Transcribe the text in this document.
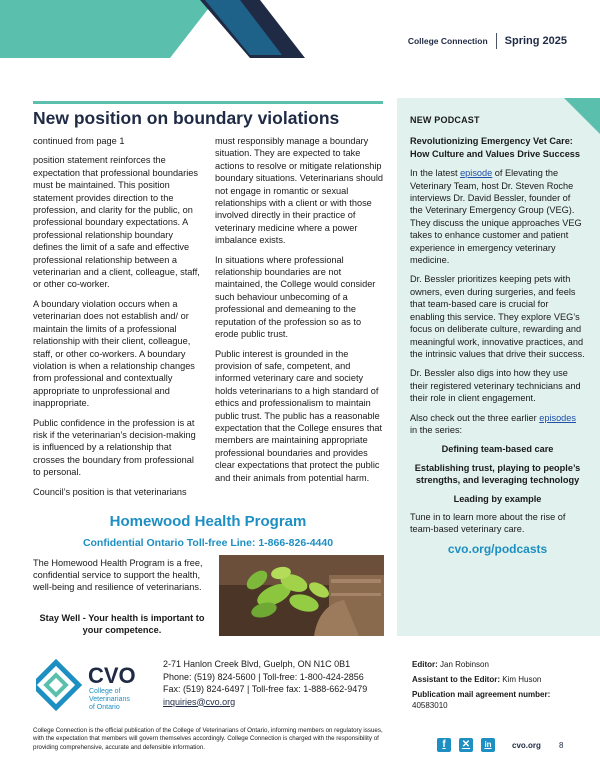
College Connection Spring 2025
New position on boundary violations

continued from page 1

position statement reinforces the expectation that professional boundaries must be maintained. This position statement provides direction to the profession, and clarity for the public, on professional boundary expectations. A professional relationship boundary defines the limit of a safe and effective professional relationship between a veterinarian and a client, colleague, staff, or other co-worker.

A boundary violation occurs when a veterinarian does not establish and/ or maintain the limits of a professional relationship with their client, colleague, staff, or other co-workers. A boundary violation is when a relationship changes from professional and contextually appropriate to unprofessional and inappropriate.

Public confidence in the profession is at risk if the veterinarian’s decision-making is influenced by a relationship that crosses the boundary from professional to personal.

Council’s position is that veterinarians

must responsibly manage a boundary situation. They are expected to take actions to resolve or mitigate relationship boundary situations. Veterinarians should not engage in romantic or sexual relationships with a client or with those involved directly in their practice of veterinary medicine where a power imbalance exists.

In situations where professional relationship boundaries are not maintained, the College would consider such behaviour unbecoming of a professional and demeaning to the reputation of the profession so as to erode public trust.

Public interest is grounded in the provision of safe, competent, and informed veterinary care and society holds veterinarians to a high standard of ethics and professionalism to maintain public trust. The public has a reasonable expectation that the College ensures that members are maintaining appropriate professional boundaries and provides clear expectations that protect the public and their animals from potential harm.

NEW PODCAST
Revolutionizing Emergency Vet Care: How Culture and Values Drive Success

In the latest episode of Elevating the Veterinary Team, host Dr. Steven Roche interviews Dr. David Bessler, founder of the Veterinary Emergency Group (VEG). They discuss the unique approaches VEG takes to enhance customer and patient experience in emergency veterinary medicine.

Dr. Bessler prioritizes keeping pets with owners, even during surgeries, and feels that team-based care is crucial for enabling this service. They explore VEG’s focus on deliberate culture, rewarding and meaningful work, innovative practices, and the intrinsic values that drive their success.

Dr. Bessler also digs into how they use their registered veterinary technicians and their role in client engagement.

Also check out the three earlier episodes in the series:

Defining team-based care
Establishing trust, playing to people’s strengths, and leveraging technology
Leading by example

Tune in to learn more about the rise of team-based veterinary care.

cvo.org/podcasts
Homewood Health Program
Confidential Ontario Toll-free Line: 1-866-826-4440
The Homewood Health Program is a free, confidential service to support the health, well-being and resilience of veterinarians.
Stay Well - Your health is important to your competence.
CVO
College of
Veterinarians
of Ontario
2-71 Hanlon Creek Blvd, Guelph, ON N1C 0B1
Phone: (519) 824-5600 | Toll-free: 1-800-424-2856
Fax: (519) 824-6497 | Toll-free fax: 1-888-662-9479
inquiries@cvo.org
Editor: Jan Robinson
Assistant to the Editor: Kim Huson
Publication mail agreement number:
40583010
College Connection is the official publication of the College of Veterinarians of Ontario, informing members on regulatory issues, with the expectation that members will govern themselves accordingly. College Connection is charged with the responsibility of providing comprehensive, accurate and defensible information.	f	✕	in	cvo.org 8
